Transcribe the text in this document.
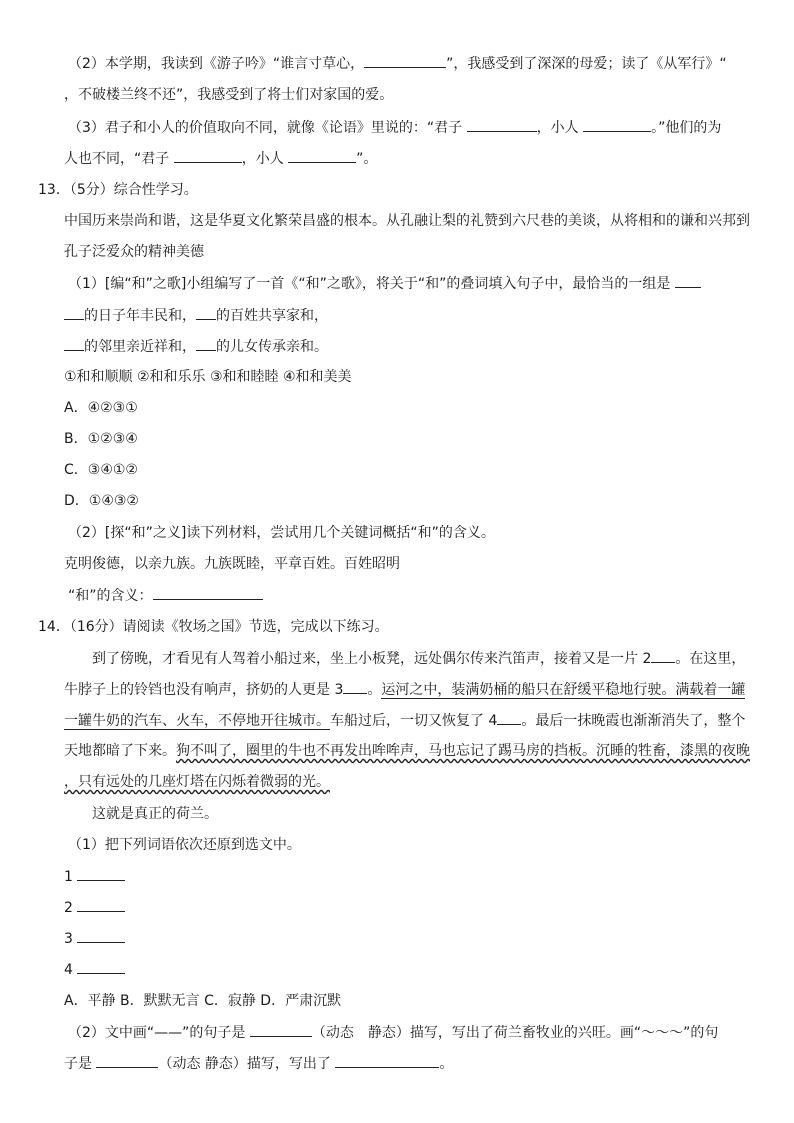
（2）本学期，我读到《游子吟》“谁言寸草心，	”，我感受到了深深的母爱；读了《从军行》“
，不破楼兰终不还”，我感受到了将士们对家国的爱。
（3）君子和小人的价值取向不同，就像《论语》里说的：“君子	，小人	。”他们的为
人也不同，“君子	，小人	”。
13．（5分）综合性学习。
中国历来崇尚和谐，这是华夏文化繁荣昌盛的根本。从孔融让梨的礼赞到六尺巷的美谈，从将相和的谦和兴邦到
孔子泛爱众的精神美德
（1）[编“和”之歌]小组编写了一首《“和”之歌》，将关于“和”的叠词填入句子中，最恰当的一组是
的日子年丰民和， 的百姓共享家和，
的邻里亲近祥和， 的儿女传承亲和。
①和和顺顺 ②和和乐乐 ③和和睦睦 ④和和美美
A．④②③①
B．①②③④
C．③④①②
D．①④③②
（2）[探“和”之义]读下列材料，尝试用几个关键词概括“和”的含义。
克明俊德，以亲九族。九族既睦，平章百姓。百姓昭明
“和”的含义：
14．（16分）请阅读《牧场之国》节选，完成以下练习。
到了傍晚，才看见有人驾着小船过来，坐上小板凳，远处偶尔传来汽笛声，接着又是一片 2 。在这里，
牛脖子上的铃铛也没有响声，挤奶的人更是 3 。运河之中，装满奶桶的船只在舒缓平稳地行驶。满载着一罐
一罐牛奶的汽车、火车，不停地开往城市。车船过后，一切又恢复了 4 。最后一抹晚霞也渐渐消失了，整个
天地都暗了下来。狗不叫了，圈里的牛也不再发出哞哞声，马也忘记了踢马房的挡板。沉睡的牲畜，漆黑的夜晚
，只有远处的几座灯塔在闪烁着微弱的光。
这就是真正的荷兰。
（1）把下列词语依次还原到选文中。
1
2
3
4
A．平静 B．默默无言 C．寂静 D．严肃沉默
（2）文中画“——”的句子是	（动态　静态）描写，写出了荷兰畜牧业的兴旺。画“～～～”的句
子是	（动态 静态）描写，写出了	。
